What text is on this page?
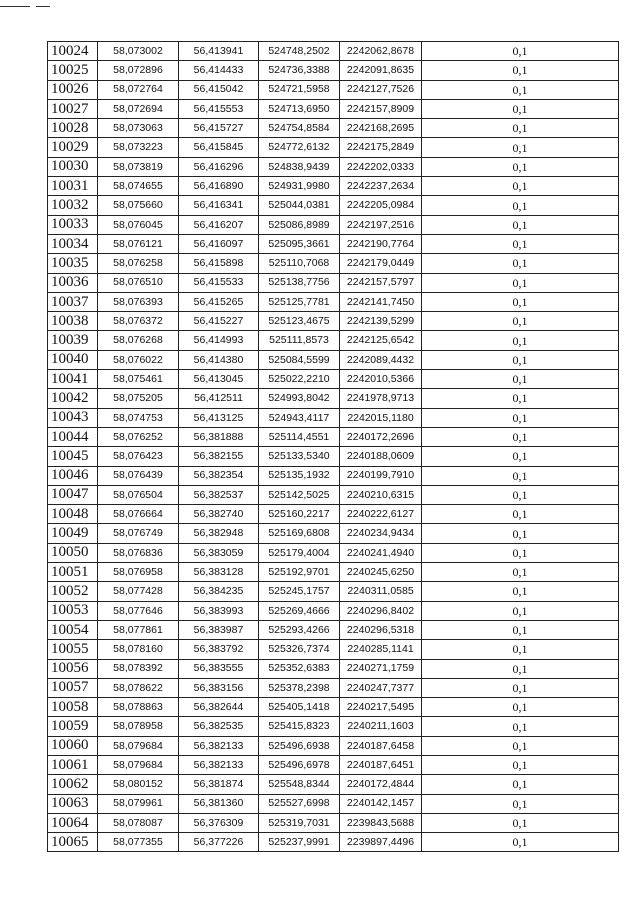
10024	58,073002	56,413941	524748,2502	2242062,8678	0,1
10025	58,072896	56,414433	524736,3388	2242091,8635	0,1
10026	58,072764	56,415042	524721,5958	2242127,7526	0,1
10027	58,072694	56,415553	524713,6950	2242157,8909	0,1
10028	58,073063	56,415727	524754,8584	2242168,2695	0,1
10029	58,073223	56,415845	524772,6132	2242175,2849	0,1
10030	58,073819	56,416296	524838,9439	2242202,0333	0,1
10031	58,074655	56,416890	524931,9980	2242237,2634	0,1
10032	58,075660	56,416341	525044,0381	2242205,0984	0,1
10033	58,076045	56,416207	525086,8989	2242197,2516	0,1
10034	58,076121	56,416097	525095,3661	2242190,7764	0,1
10035	58,076258	56,415898	525110,7068	2242179,0449	0,1
10036	58,076510	56,415533	525138,7756	2242157,5797	0,1
10037	58,076393	56,415265	525125,7781	2242141,7450	0,1
10038	58,076372	56,415227	525123,4675	2242139,5299	0,1
10039	58,076268	56,414993	525111,8573	2242125,6542	0,1
10040	58,076022	56,414380	525084,5599	2242089,4432	0,1
10041	58,075461	56,413045	525022,2210	2242010,5366	0,1
10042	58,075205	56,412511	524993,8042	2241978,9713	0,1
10043	58,074753	56,413125	524943,4117	2242015,1180	0,1
10044	58,076252	56,381888	525114,4551	2240172,2696	0,1
10045	58,076423	56,382155	525133,5340	2240188,0609	0,1
10046	58,076439	56,382354	525135,1932	2240199,7910	0,1
10047	58,076504	56,382537	525142,5025	2240210,6315	0,1
10048	58,076664	56,382740	525160,2217	2240222,6127	0,1
10049	58,076749	56,382948	525169,6808	2240234,9434	0,1
10050	58,076836	56,383059	525179,4004	2240241,4940	0,1
10051	58,076958	56,383128	525192,9701	2240245,6250	0,1
10052	58,077428	56,384235	525245,1757	2240311,0585	0,1
10053	58,077646	56,383993	525269,4666	2240296,8402	0,1
10054	58,077861	56,383987	525293,4266	2240296,5318	0,1
10055	58,078160	56,383792	525326,7374	2240285,1141	0,1
10056	58,078392	56,383555	525352,6383	2240271,1759	0,1
10057	58,078622	56,383156	525378,2398	2240247,7377	0,1
10058	58,078863	56,382644	525405,1418	2240217,5495	0,1
10059	58,078958	56,382535	525415,8323	2240211,1603	0,1
10060	58,079684	56,382133	525496,6938	2240187,6458	0,1
10061	58,079684	56,382133	525496,6978	2240187,6451	0,1
10062	58,080152	56,381874	525548,8344	2240172,4844	0,1
10063	58,079961	56,381360	525527,6998	2240142,1457	0,1
10064	58,078087	56,376309	525319,7031	2239843,5688	0,1
10065	58,077355	56,377226	525237,9991	2239897,4496	0,1
